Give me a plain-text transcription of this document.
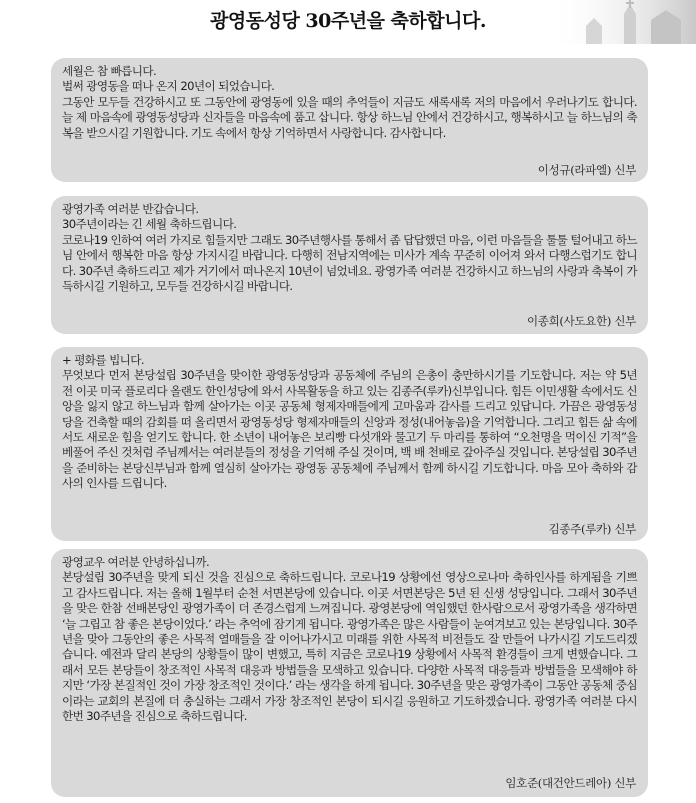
광영동성당 30주년을 축하합니다.

세월은 참 빠릅니다.

벌써 광영동을 떠나 온지 20년이 되었습니다.

그동안 모두들 건강하시고 또 그동안에 광영동에 있을 때의 추억들이 지금도 새록새록 저의 마음에서 우러나기도 합니다. 늘 제 마음속에 광영동성당과 신자들을 마음속에 품고 삽니다. 항상 하느님 안에서 건강하시고, 행복하시고 늘 하느님의 축복을 받으시길 기원합니다. 기도 속에서 항상 기억하면서 사랑합니다. 감사합니다.

이성규(라파엘) 신부

광영가족 여러분 반갑습니다.

30주년이라는 긴 세월 축하드립니다.

코로나19 인하여 여러 가지로 힘들지만 그래도 30주년행사를 통해서 좀 답답했던 마음, 이런 마음들을 툴툴 털어내고 하느님 안에서 행복한 마음 항상 가지시길 바랍니다. 다행히 전남지역에는 미사가 계속 꾸준히 이어져 와서 다행스럽기도 합니다. 30주년 축하드리고 제가 거기에서 떠나온지 10년이 넘었네요. 광영가족 여러분 건강하시고 하느님의 사랑과 축복이 가득하시길 기원하고, 모두들 건강하시길 바랍니다.

이종희(사도요한) 신부

+ 평화를 빕니다.

무엇보다 먼저 본당설립 30주년을 맞이한 광영동성당과 공동체에 주님의 은총이 충만하시기를 기도합니다. 저는 약 5년 전 이곳 미국 플로리다 올랜도 한인성당에 와서 사목활동을 하고 있는 김종주(루카)신부입니다. 힘든 이민생활 속에서도 신앙을 잃지 않고 하느님과 함께 살아가는 이곳 공동체 형제자매들에게 고마움과 감사를 드리고 있답니다. 가끔은 광영동성당을 건축할 때의 감회를 떠 올리면서 광영동성당 형제자매들의 신앙과 정성(내어놓음)을 기억합니다. 그리고 힘든 삶 속에서도 새로운 힘을 얻기도 합니다. 한 소년이 내어놓은 보리빵 다섯개와 물고기 두 마리를 통하여 “오천명을 먹이신 기적”을 베풀어 주신 것처럼 주님께서는 여러분들의 정성을 기억해 주실 것이며, 백 배 천배로 갚아주실 것입니다. 본당설립 30주년을 준비하는 본당신부님과 함께 열심히 살아가는 광영동 공동체에 주님께서 함께 하시길 기도합니다. 마음 모아 축하와 감사의 인사를 드립니다.

김종주(루카) 신부

광영교우 여러분 안녕하십니까.

본당설립 30주년을 맞게 되신 것을 진심으로 축하드립니다. 코로나19 상황에선 영상으로나마 축하인사를 하게됨을 기쁘고 감사드립니다. 저는 올해 1월부터 순천 서면본당에 있습니다. 이곳 서면본당은 5년 된 신생 성당입니다. 그래서 30주년을 맞은 한참 선배본당인 광영가족이 더 존경스럽게 느껴집니다. 광영본당에 역임했던 한사람으로서 광영가족을 생각하면 ‘늘 그립고 참 좋은 본당이었다.’ 라는 추억에 잠기게 됩니다. 광영가족은 많은 사람들이 눈여겨보고 있는 본당입니다. 30주년을 맞아 그동안의 좋은 사목적 열매들을 잘 이어나가시고 미래를 위한 사목적 비전들도 잘 만들어 나가시길 기도드리겠습니다. 예전과 달리 본당의 상황들이 많이 변했고, 특히 지금은 코로나19 상황에서 사목적 환경들이 크게 변했습니다. 그래서 모든 본당들이 창조적인 사목적 대응과 방법들을 모색하고 있습니다. 다양한 사목적 대응들과 방법들을 모색해야 하지만 ‘가장 본질적인 것이 가장 창조적인 것이다.’ 라는 생각을 하게 됩니다. 30주년을 맞은 광영가족이 그동안 공동체 중심이라는 교회의 본질에 더 충실하는 그래서 가장 창조적인 본당이 되시길 응원하고 기도하겠습니다. 광영가족 여러분 다시 한번 30주년을 진심으로 축하드립니다.

임호준(대건안드레아) 신부
